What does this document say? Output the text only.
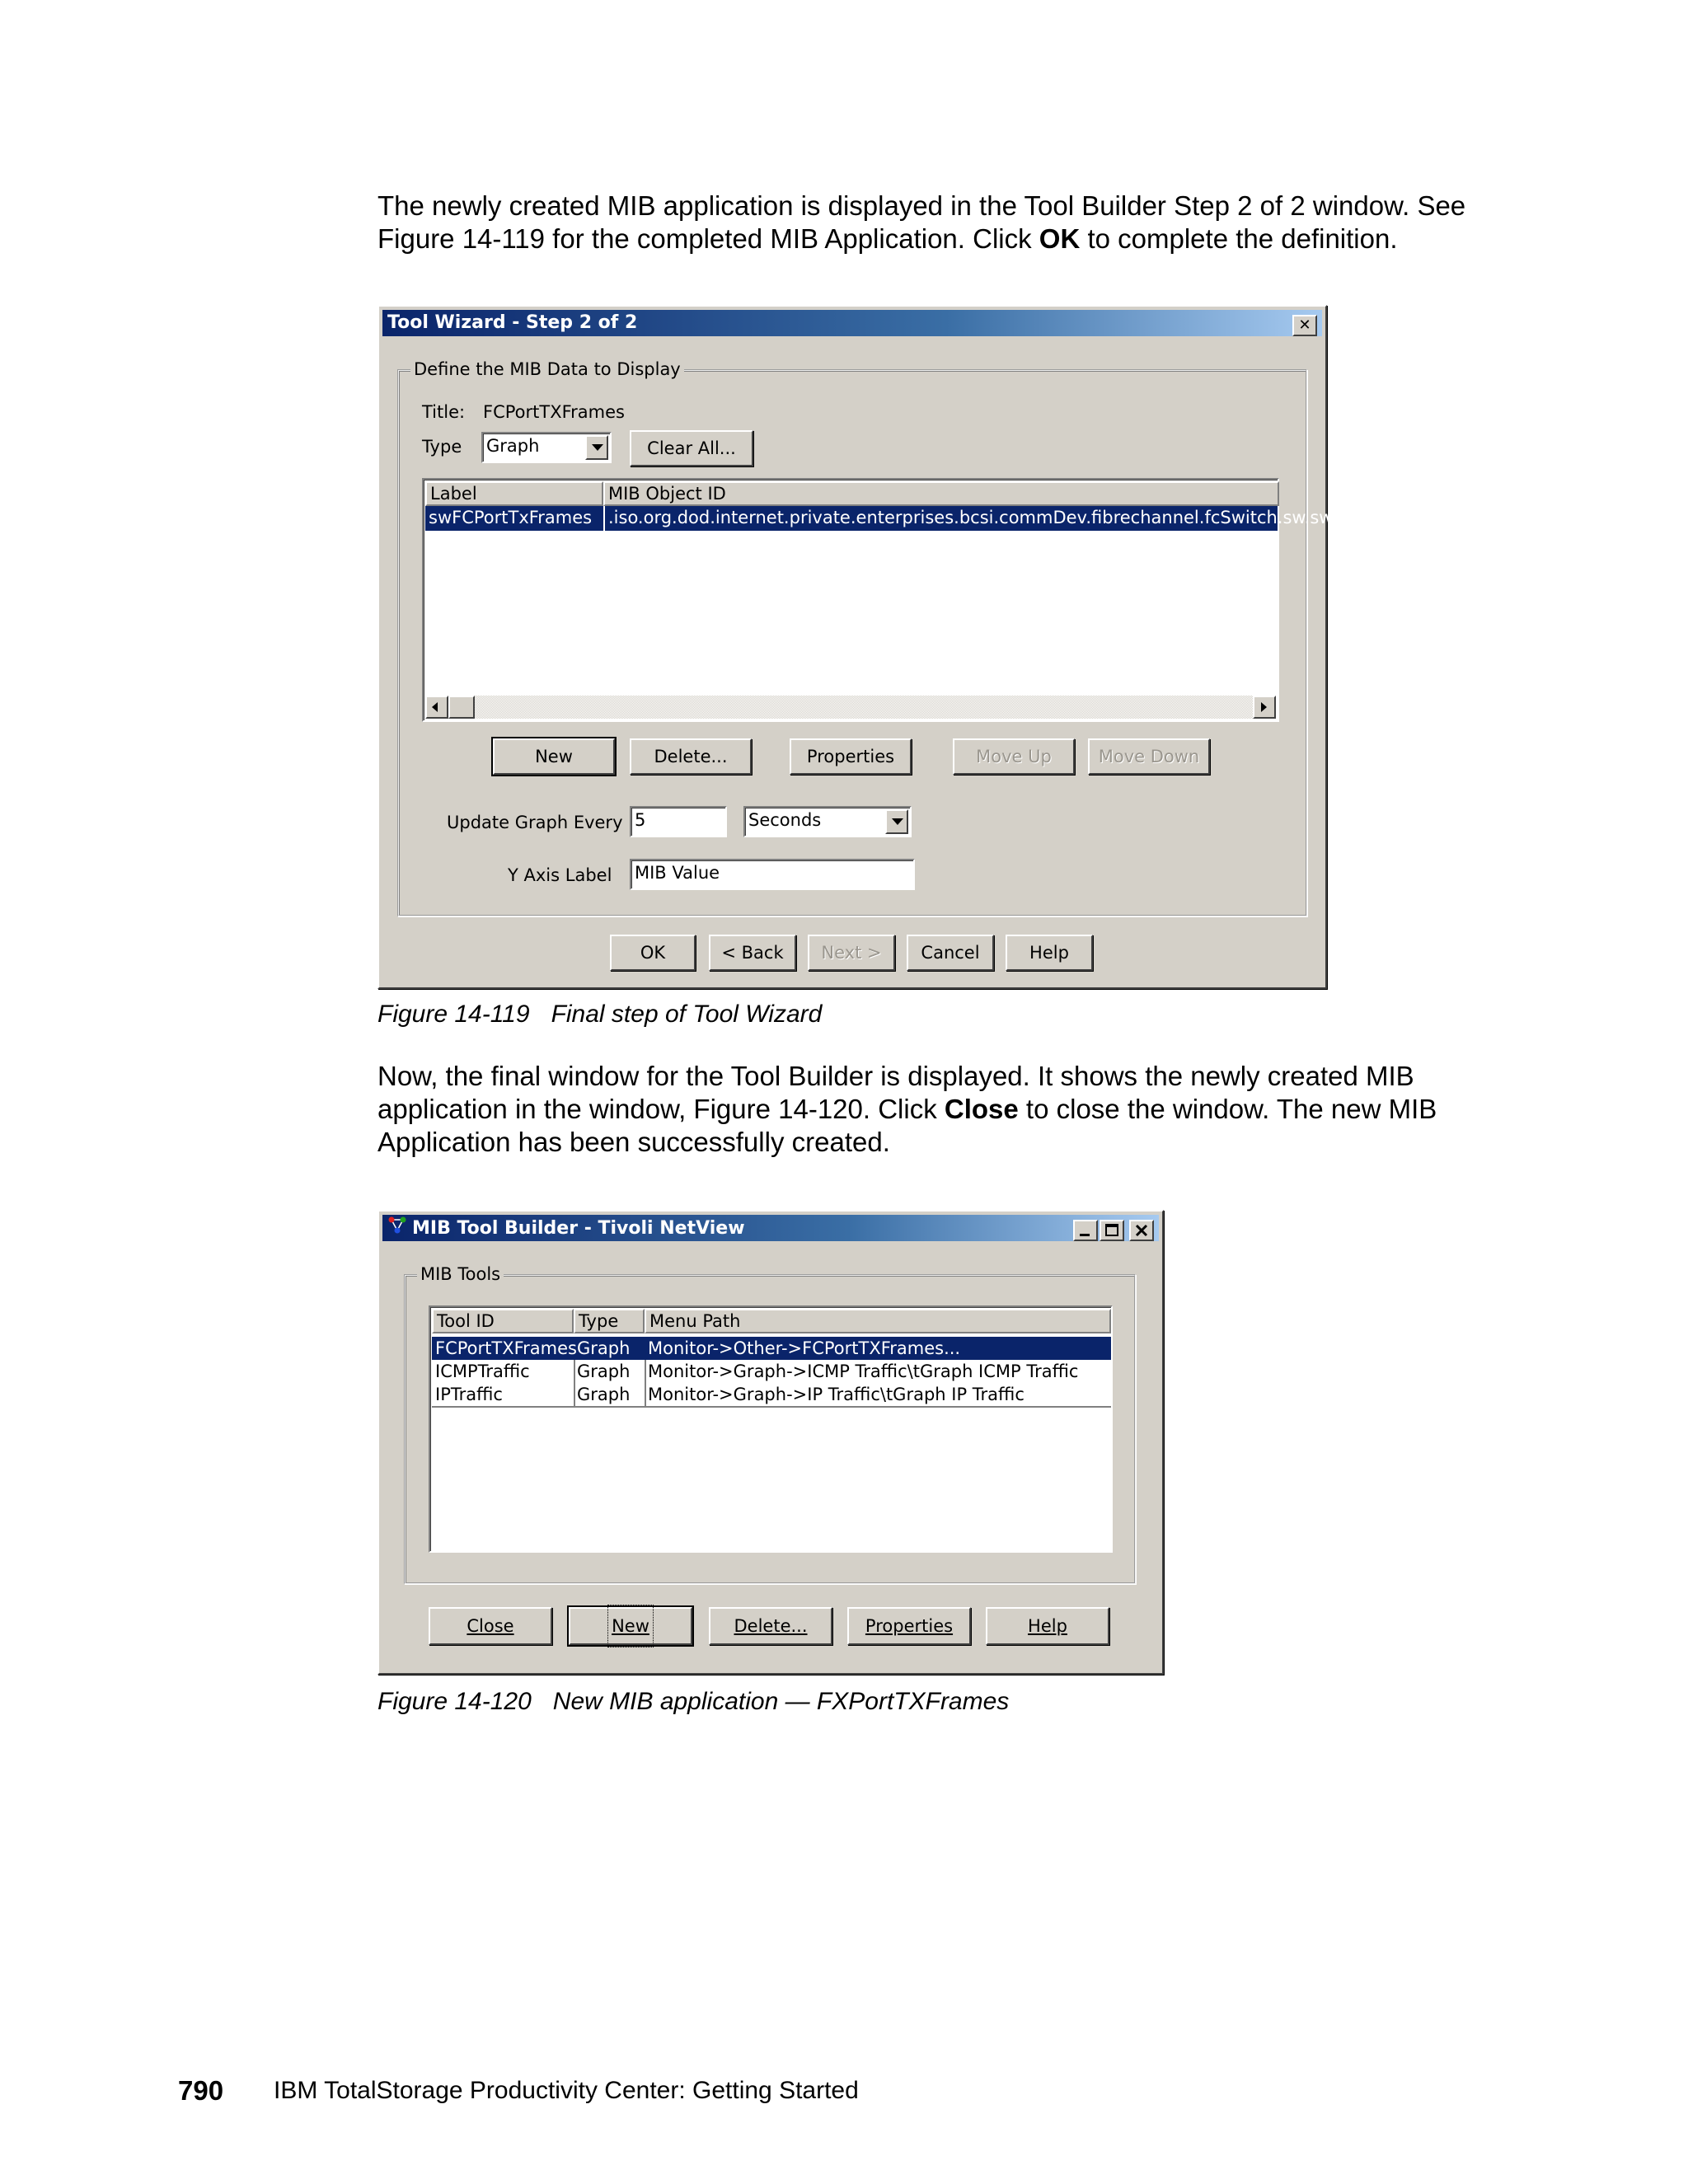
The newly created MIB application is displayed in the Tool Builder Step 2 of 2 window. See Figure 14-119 for the completed MIB Application. Click OK to complete the definition.

Tool Wizard - Step 2 of 2	✕
Define the MIB Data to Display
Title: FCPortTXFrames
Type Graph	Clear All...
Label	MIB Object ID
swFCPortTxFrames .iso.org.dod.internet.private.enterprises.bcsi.commDev.fibrechannel.fcSwitch.sw.swFC
New	Delete...	Properties	Move Up	Move Down
Update Graph Every 5	Seconds
Y Axis Label MIB Value
OK	< Back	Next >	Cancel	Help

Figure 14-119 Final step of Tool Wizard

Now, the final window for the Tool Builder is displayed. It shows the newly created MIB application in the window, Figure 14-120. Click Close to close the window. The new MIB Application has been successfully created.

MIB Tool Builder - Tivoli NetView
MIB Tools
Tool ID	Type	Menu Path
FCPortTXFrames Graph	Monitor->Other->FCPortTXFrames...
ICMPTraffic	Graph	Monitor->Graph->ICMP Traffic\tGraph ICMP Traffic
IPTraffic	Graph	Monitor->Graph->IP Traffic\tGraph IP Traffic
Close	New	Delete...	Properties	Help

Figure 14-120 New MIB application — FXPortTXFrames

790 IBM TotalStorage Productivity Center: Getting Started
